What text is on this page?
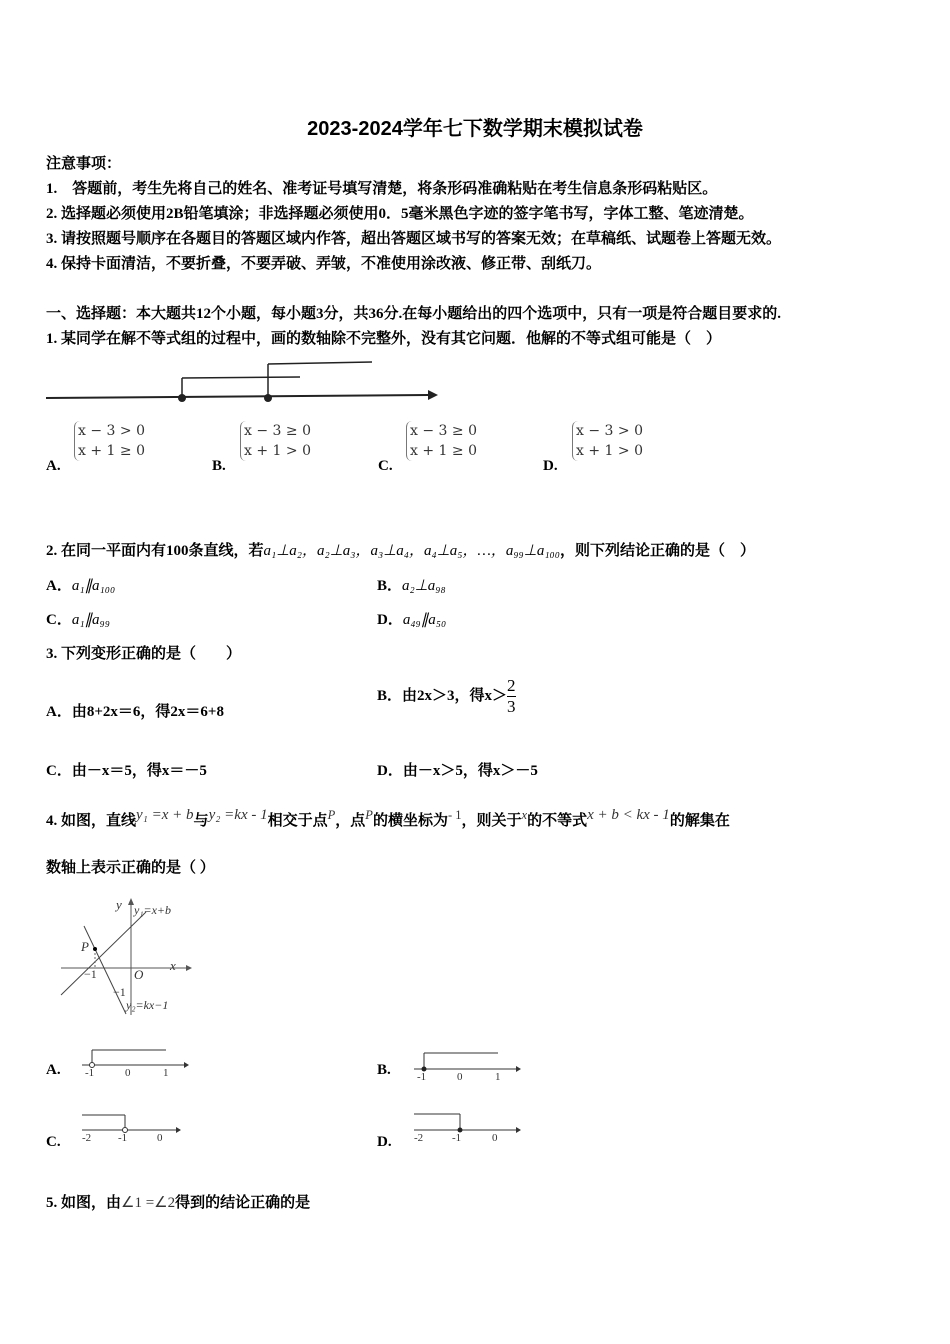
2023-2024学年七下数学期末模拟试卷
注意事项：
1.　答题前，考生先将自己的姓名、准考证号填写清楚，将条形码准确粘贴在考生信息条形码粘贴区。
2. 选择题必须使用2B铅笔填涂；非选择题必须使用0．5毫米黑色字迹的签字笔书写，字体工整、笔迹清楚。
3. 请按照题号顺序在各题目的答题区域内作答，超出答题区域书写的答案无效；在草稿纸、试题卷上答题无效。
4. 保持卡面清洁，不要折叠，不要弄破、弄皱，不准使用涂改液、修正带、刮纸刀。
一、选择题：本大题共12个小题，每小题3分，共36分.在每小题给出的四个选项中，只有一项是符合题目要求的.
1. 某同学在解不等式组的过程中，画的数轴除不完整外，没有其它问题．他解的不等式组可能是（　）
A.
x − 3 > 0
x + 1 ≥ 0
B.
x − 3 ≥ 0
x + 1 > 0
C.
x − 3 ≥ 0
x + 1 ≥ 0
D.
x − 3 > 0
x + 1 > 0
2. 在同一平面内有100条直线，若a₁⊥a₂，a₂⊥a₃，a₃⊥a₄，a₄⊥a₅，…，a₉₉⊥a₁₀₀，则下列结论正确的是（　）
A．a₁∥a₁₀₀	B．a₂⊥a₉₈
C．a₁∥a₉₉	D．a₄₉∥a₅₀
3. 下列变形正确的是（　　）
A．由8+2x＝6，得2x＝6+8
B．由2x＞3，得$x> \frac{2}{3}$
C．由－x＝5，得x＝－5	D．由－x＞5，得x＞－5
4. 如图，直线$^{y_1 =x + b}$与$^{y_2 =kx - 1}$相交于点$^P$，点$^P$的横坐标为$^{- 1}$，则关于$^x$的不等式$^{x + b < kx - 1}$的解集在
数轴上表示正确的是（ ）
y
x
O
P
−1
−1
y₁=x+b
y₂=kx−1
A. -1	0	1	B. -1	0	1
C. -2 -1	0	D. -2	-1	0
5. 如图，由∠1 =∠2得到的结论正确的是
